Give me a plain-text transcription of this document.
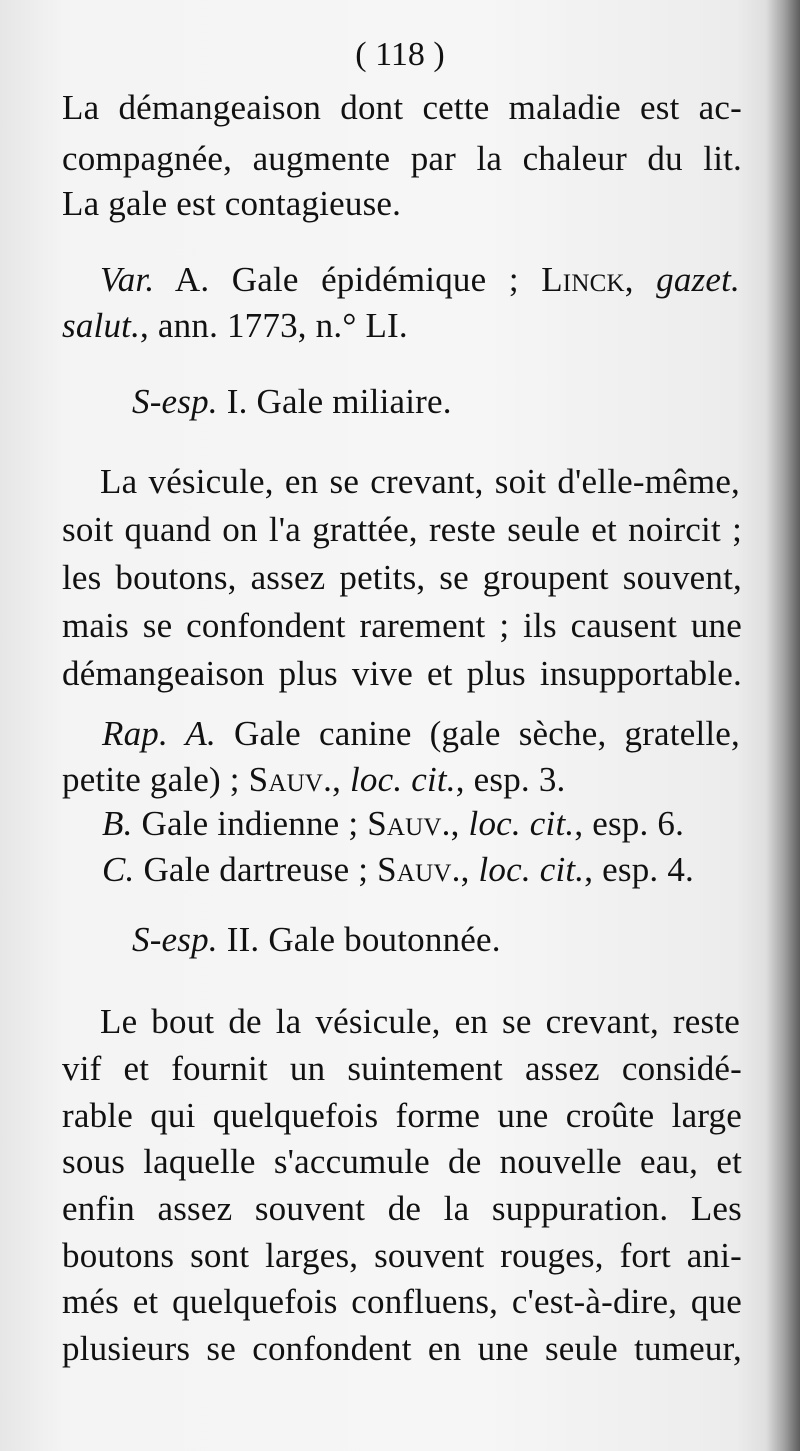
( 118 )
La démangeaison dont cette maladie est ac-
compagnée, augmente par la chaleur du lit.
La gale est contagieuse.
Var. A. Gale épidémique ; Linck, gazet.
salut., ann. 1773, n.° LI.
S-esp. I. Gale miliaire.
La vésicule, en se crevant, soit d'elle-même,
soit quand on l'a grattée, reste seule et noircit ;
les boutons, assez petits, se groupent souvent,
mais se confondent rarement ; ils causent une
démangeaison plus vive et plus insupportable.
Rap. A. Gale canine (gale sèche, gratelle,
petite gale) ; Sauv., loc. cit., esp. 3.
B. Gale indienne ; Sauv., loc. cit., esp. 6.
C. Gale dartreuse ; Sauv., loc. cit., esp. 4.
S-esp. II. Gale boutonnée.
Le bout de la vésicule, en se crevant, reste
vif et fournit un suintement assez considé-
rable qui quelquefois forme une croûte large
sous laquelle s'accumule de nouvelle eau, et
enfin assez souvent de la suppuration. Les
boutons sont larges, souvent rouges, fort ani-
més et quelquefois confluens, c'est-à-dire, que
plusieurs se confondent en une seule tumeur,
